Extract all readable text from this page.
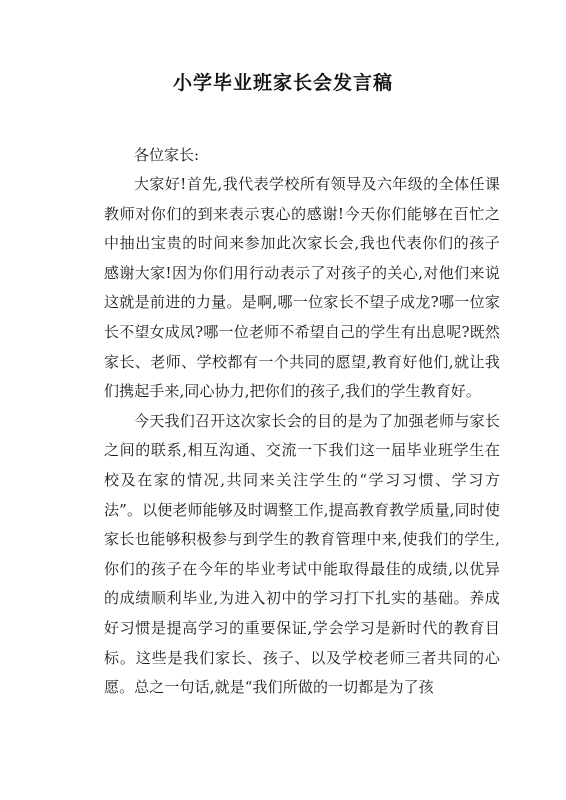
小学毕业班家长会发言稿

各位家长:

大家好!首先,我代表学校所有领导及六年级的全体任课教师对你们的到来表示衷心的感谢!今天你们能够在百忙之中抽出宝贵的时间来参加此次家长会,我也代表你们的孩子感谢大家!因为你们用行动表示了对孩子的关心,对他们来说这就是前进的力量。是啊,哪一位家长不望子成龙?哪一位家长不望女成凤?哪一位老师不希望自己的学生有出息呢?既然家长、老师、学校都有一个共同的愿望,教育好他们,就让我们携起手来,同心协力,把你们的孩子,我们的学生教育好。

今天我们召开这次家长会的目的是为了加强老师与家长之间的联系,相互沟通、交流一下我们这一届毕业班学生在校及在家的情况,共同来关注学生的“学习习惯、学习方法”。以便老师能够及时调整工作,提高教育教学质量,同时使家长也能够积极参与到学生的教育管理中来,使我们的学生,你们的孩子在今年的毕业考试中能取得最佳的成绩,以优异的成绩顺利毕业,为进入初中的学习打下扎实的基础。养成好习惯是提高学习的重要保证,学会学习是新时代的教育目标。这些是我们家长、孩子、以及学校老师三者共同的心愿。总之一句话,就是“我们所做的一切都是为了孩
